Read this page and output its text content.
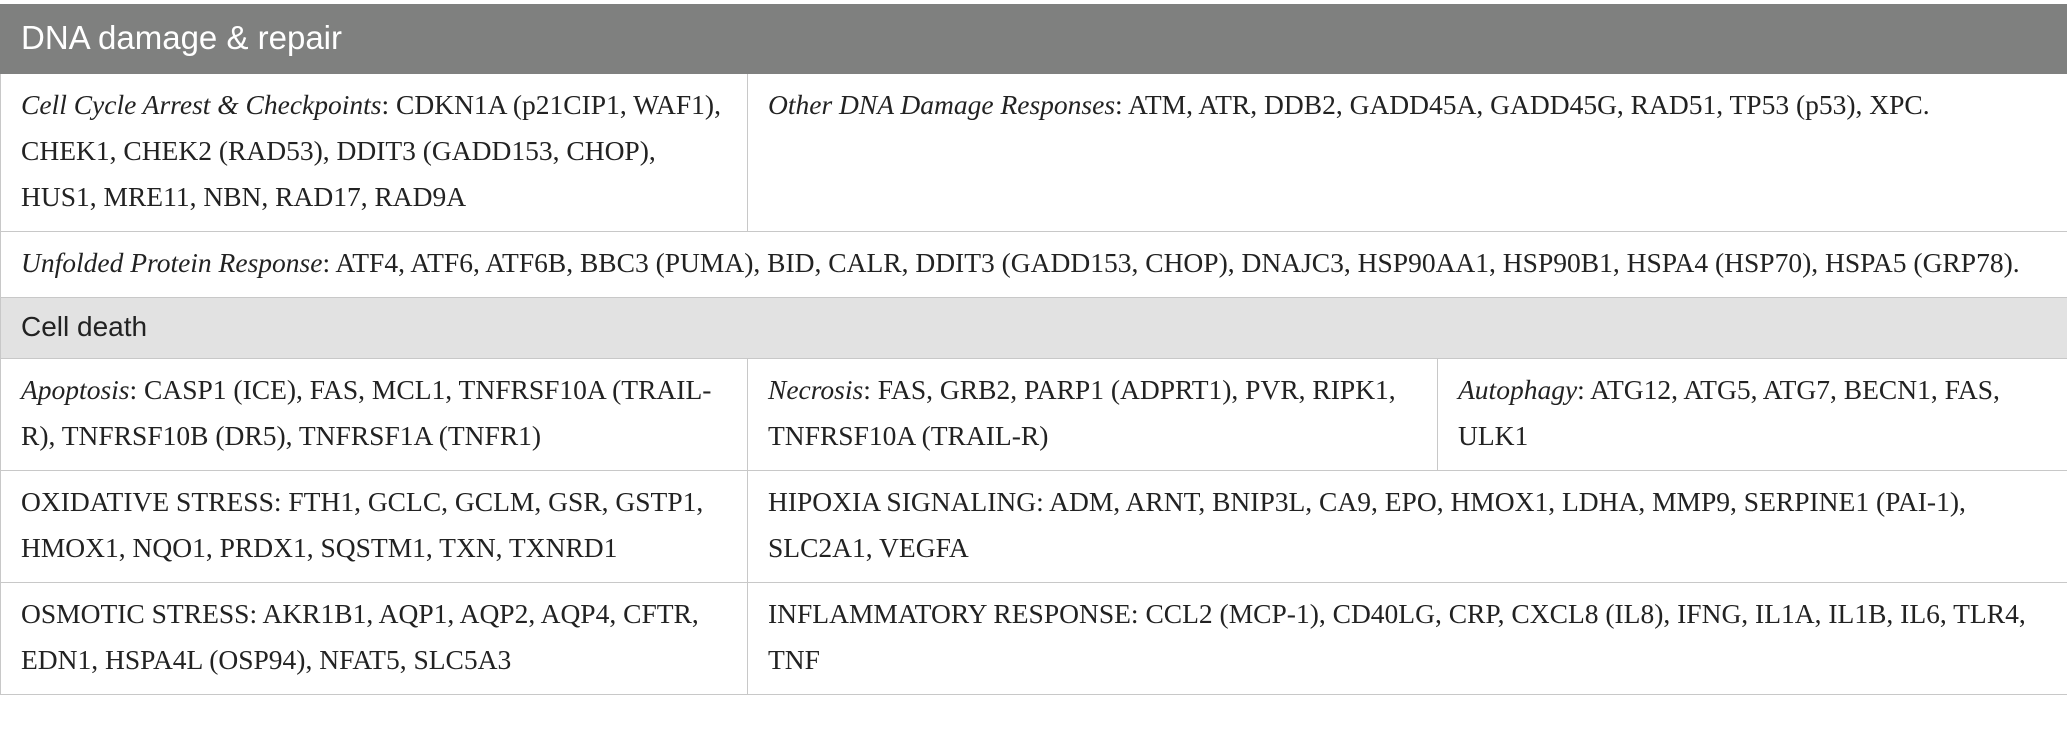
DNA damage & repair		
Cell Cycle Arrest & Checkpoints: CDKN1A (p21CIP1, WAF1), CHEK1, CHEK2 (RAD53), DDIT3 (GADD153, CHOP), HUS1, MRE11, NBN, RAD17, RAD9A	Other DNA Damage Responses: ATM, ATR, DDB2, GADD45A, GADD45G, RAD51, TP53 (p53), XPC.	
Unfolded Protein Response: ATF4, ATF6, ATF6B, BBC3 (PUMA), BID, CALR, DDIT3 (GADD153, CHOP), DNAJC3, HSP90AA1, HSP90B1, HSPA4 (HSP70), HSPA5 (GRP78).		
Cell death		
Apoptosis: CASP1 (ICE), FAS, MCL1, TNFRSF10A (TRAIL-R), TNFRSF10B (DR5), TNFRSF1A (TNFR1)	Necrosis: FAS, GRB2, PARP1 (ADPRT1), PVR, RIPK1, TNFRSF10A (TRAIL-R)	Autophagy: ATG12, ATG5, ATG7, BECN1, FAS, ULK1
OXIDATIVE STRESS: FTH1, GCLC, GCLM, GSR, GSTP1, HMOX1, NQO1, PRDX1, SQSTM1, TXN, TXNRD1	HIPOXIA SIGNALING: ADM, ARNT, BNIP3L, CA9, EPO, HMOX1, LDHA, MMP9, SERPINE1 (PAI-1), SLC2A1, VEGFA	
OSMOTIC STRESS: AKR1B1, AQP1, AQP2, AQP4, CFTR, EDN1, HSPA4L (OSP94), NFAT5, SLC5A3	INFLAMMATORY RESPONSE: CCL2 (MCP-1), CD40LG, CRP, CXCL8 (IL8), IFNG, IL1A, IL1B, IL6, TLR4, TNF	
